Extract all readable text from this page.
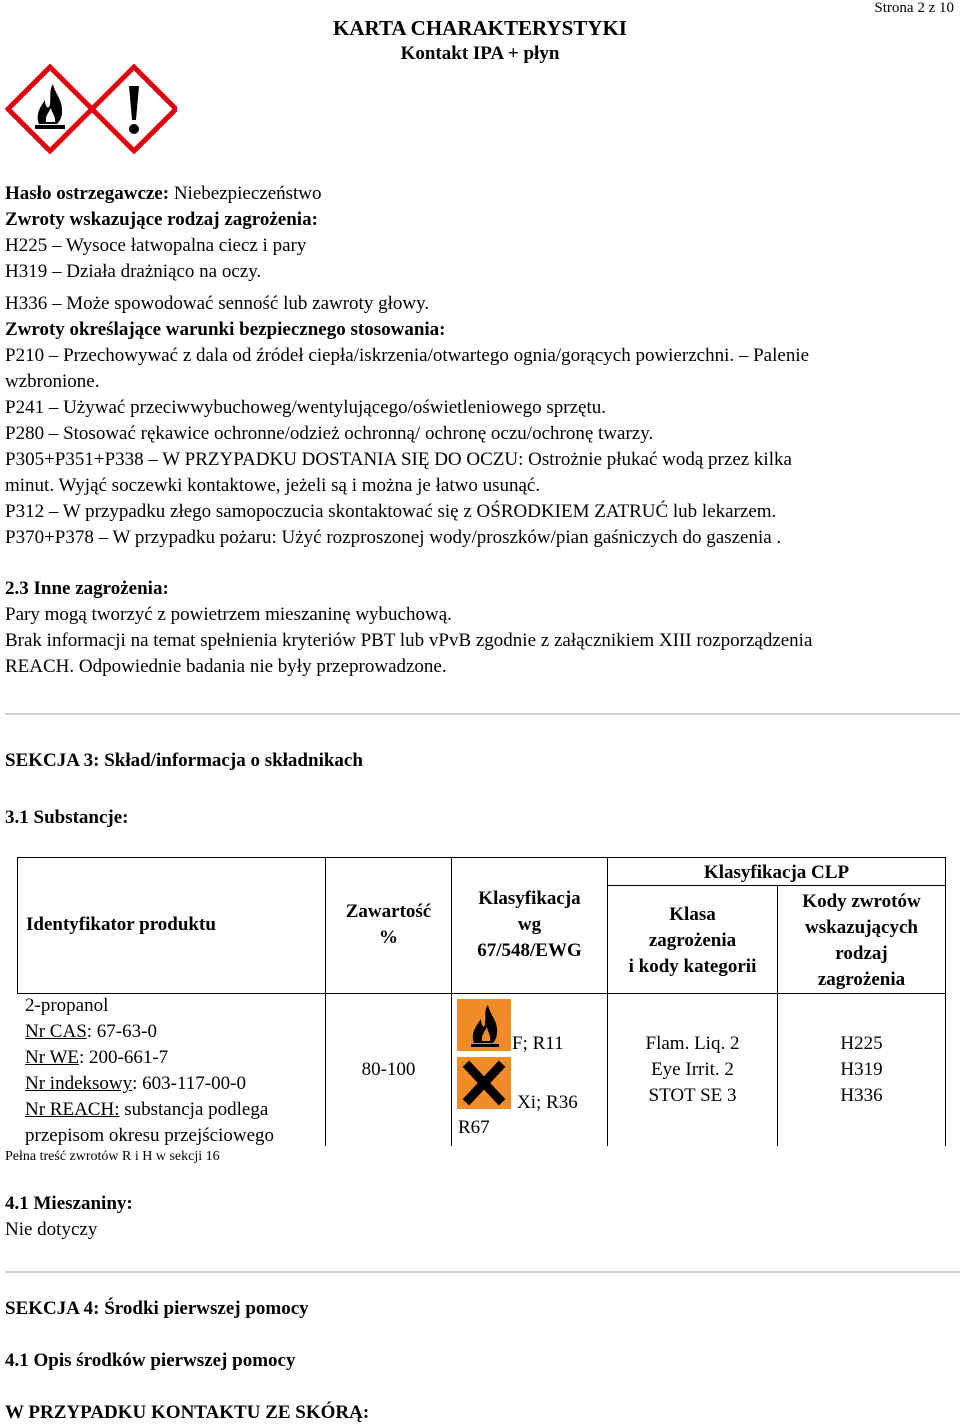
Strona 2 z 10
KARTA CHARAKTERYSTYKI
Kontakt IPA + płyn
Hasło ostrzegawcze: Niebezpieczeństwo
Zwroty wskazujące rodzaj zagrożenia:
H225 – Wysoce łatwopalna ciecz i pary
H319 – Działa drażniąco na oczy.
H336 – Może spowodować senność lub zawroty głowy.
Zwroty określające warunki bezpiecznego stosowania:
P210 – Przechowywać z dala od źródeł ciepła/iskrzenia/otwartego ognia/gorących powierzchni. – Palenie
wzbronione.
P241 – Używać przeciwwybuchoweg/wentylującego/oświetleniowego sprzętu.
P280 – Stosować rękawice ochronne/odzież ochronną/ ochronę oczu/ochronę twarzy.
P305+P351+P338 – W PRZYPADKU DOSTANIA SIĘ DO OCZU: Ostrożnie płukać wodą przez kilka
minut. Wyjąć soczewki kontaktowe, jeżeli są i można je łatwo usunąć.
P312 – W przypadku złego samopoczucia skontaktować się z OŚRODKIEM ZATRUĆ lub lekarzem.
P370+P378 – W przypadku pożaru: Użyć rozproszonej wody/proszków/pian gaśniczych do gaszenia .
2.3 Inne zagrożenia:
Pary mogą tworzyć z powietrzem mieszaninę wybuchową.
Brak informacji na temat spełnienia kryteriów PBT lub vPvB zgodnie z załącznikiem XIII rozporządzenia
REACH. Odpowiednie badania nie były przeprowadzone.
SEKCJA 3: Skład/informacja o składnikach
3.1 Substancje:
Identyfikator produktu
Zawartość
%
Klasyfikacja
wg
67/548/EWG
Klasyfikacja CLP
Klasa
zagrożenia
i kody kategorii
Kody zwrotów
wskazujących
rodzaj
zagrożenia
2-propanol
Nr CAS: 67-63-0
Nr WE: 200-661-7
Nr indeksowy: 603-117-00-0
Nr REACH: substancja podlega
przepisom okresu przejściowego
80-100
F; R11
Xi; R36
R67
Flam. Liq. 2
Eye Irrit. 2
STOT SE 3
H225
H319
H336
Pełna treść zwrotów R i H w sekcji 16
4.1 Mieszaniny:
Nie dotyczy
SEKCJA 4: Środki pierwszej pomocy
4.1 Opis środków pierwszej pomocy
W PRZYPADKU KONTAKTU ZE SKÓRĄ:
